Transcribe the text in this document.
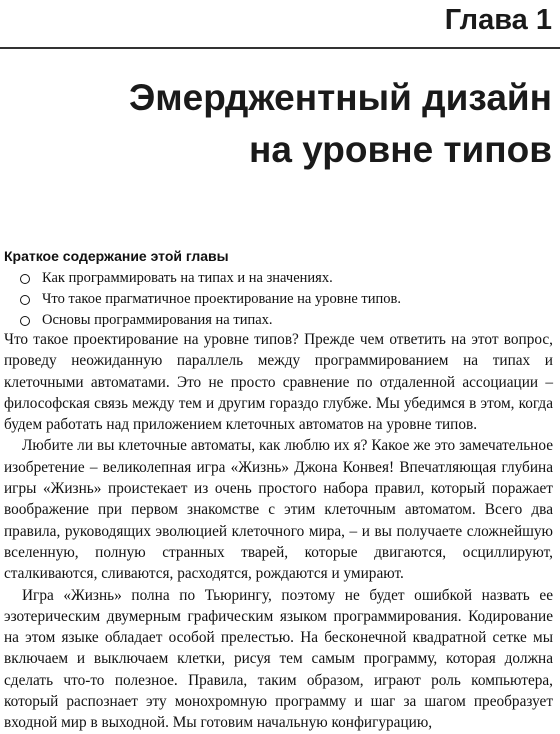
Глава 1
Эмерджентный дизайн
на уровне типов
Краткое содержание этой главы
Как программировать на типах и на значениях.
Что такое прагматичное проектирование на уровне типов.
Основы программирования на типах.

Что такое проектирование на уровне типов? Прежде чем ответить на этот вопрос, проведу неожиданную параллель между программированием на типах и клеточными автоматами. Это не просто сравнение по отдаленной ассоциации – философская связь между тем и другим гораздо глубже. Мы убедимся в этом, когда будем работать над приложением клеточных автоматов на уровне типов.

Любите ли вы клеточные автоматы, как люблю их я? Какое же это замечательное изобретение – великолепная игра «Жизнь» Джона Конвея! Впечатляющая глубина игры «Жизнь» проистекает из очень простого набора правил, который поражает воображение при первом знакомстве с этим клеточным автоматом. Всего два правила, руководящих эволюцией клеточного мира, – и вы получаете сложнейшую вселенную, полную странных тварей, которые двигаются, осциллируют, сталкиваются, сливаются, расходятся, рождаются и умирают.

Игра «Жизнь» полна по Тьюрингу, поэтому не будет ошибкой назвать ее эзотерическим двумерным графическим языком программирования. Кодирование на этом языке обладает особой прелестью. На бесконечной квадратной сетке мы включаем и выключаем клетки, рисуя тем самым программу, которая должна сделать что-то полезное. Правила, таким образом, играют роль компьютера, который распознает эту монохромную программу и шаг за шагом преобразует входной мир в выходной. Мы готовим начальную конфигурацию,
